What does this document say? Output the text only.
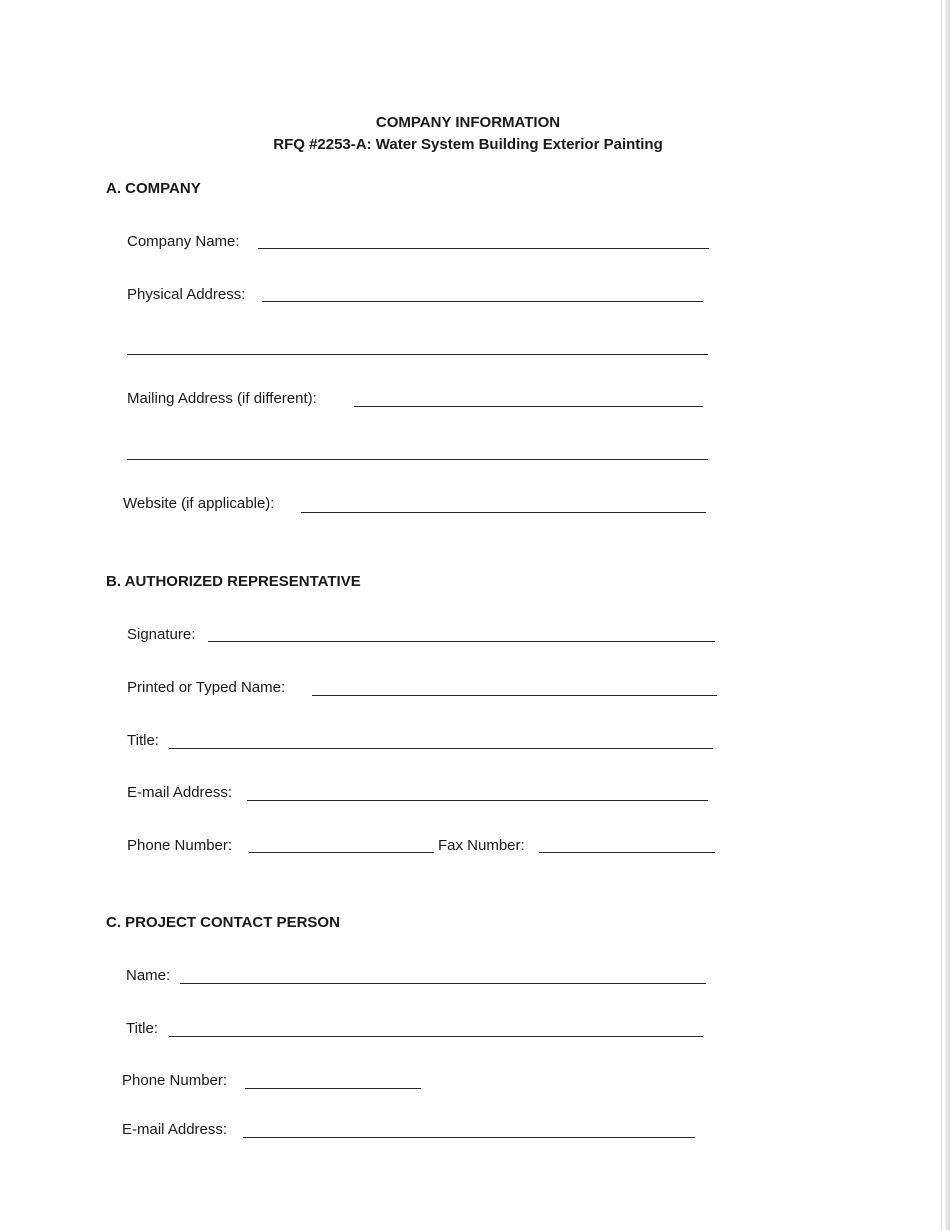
COMPANY INFORMATION
RFQ #2253-A: Water System Building Exterior Painting
A. COMPANY
Company Name:
Physical Address:
Mailing Address (if different):
Website (if applicable):
B. AUTHORIZED REPRESENTATIVE
Signature:
Printed or Typed Name:
Title:
E-mail Address:
Phone Number:	Fax Number:
C. PROJECT CONTACT PERSON
Name:
Title:
Phone Number:
E-mail Address:
